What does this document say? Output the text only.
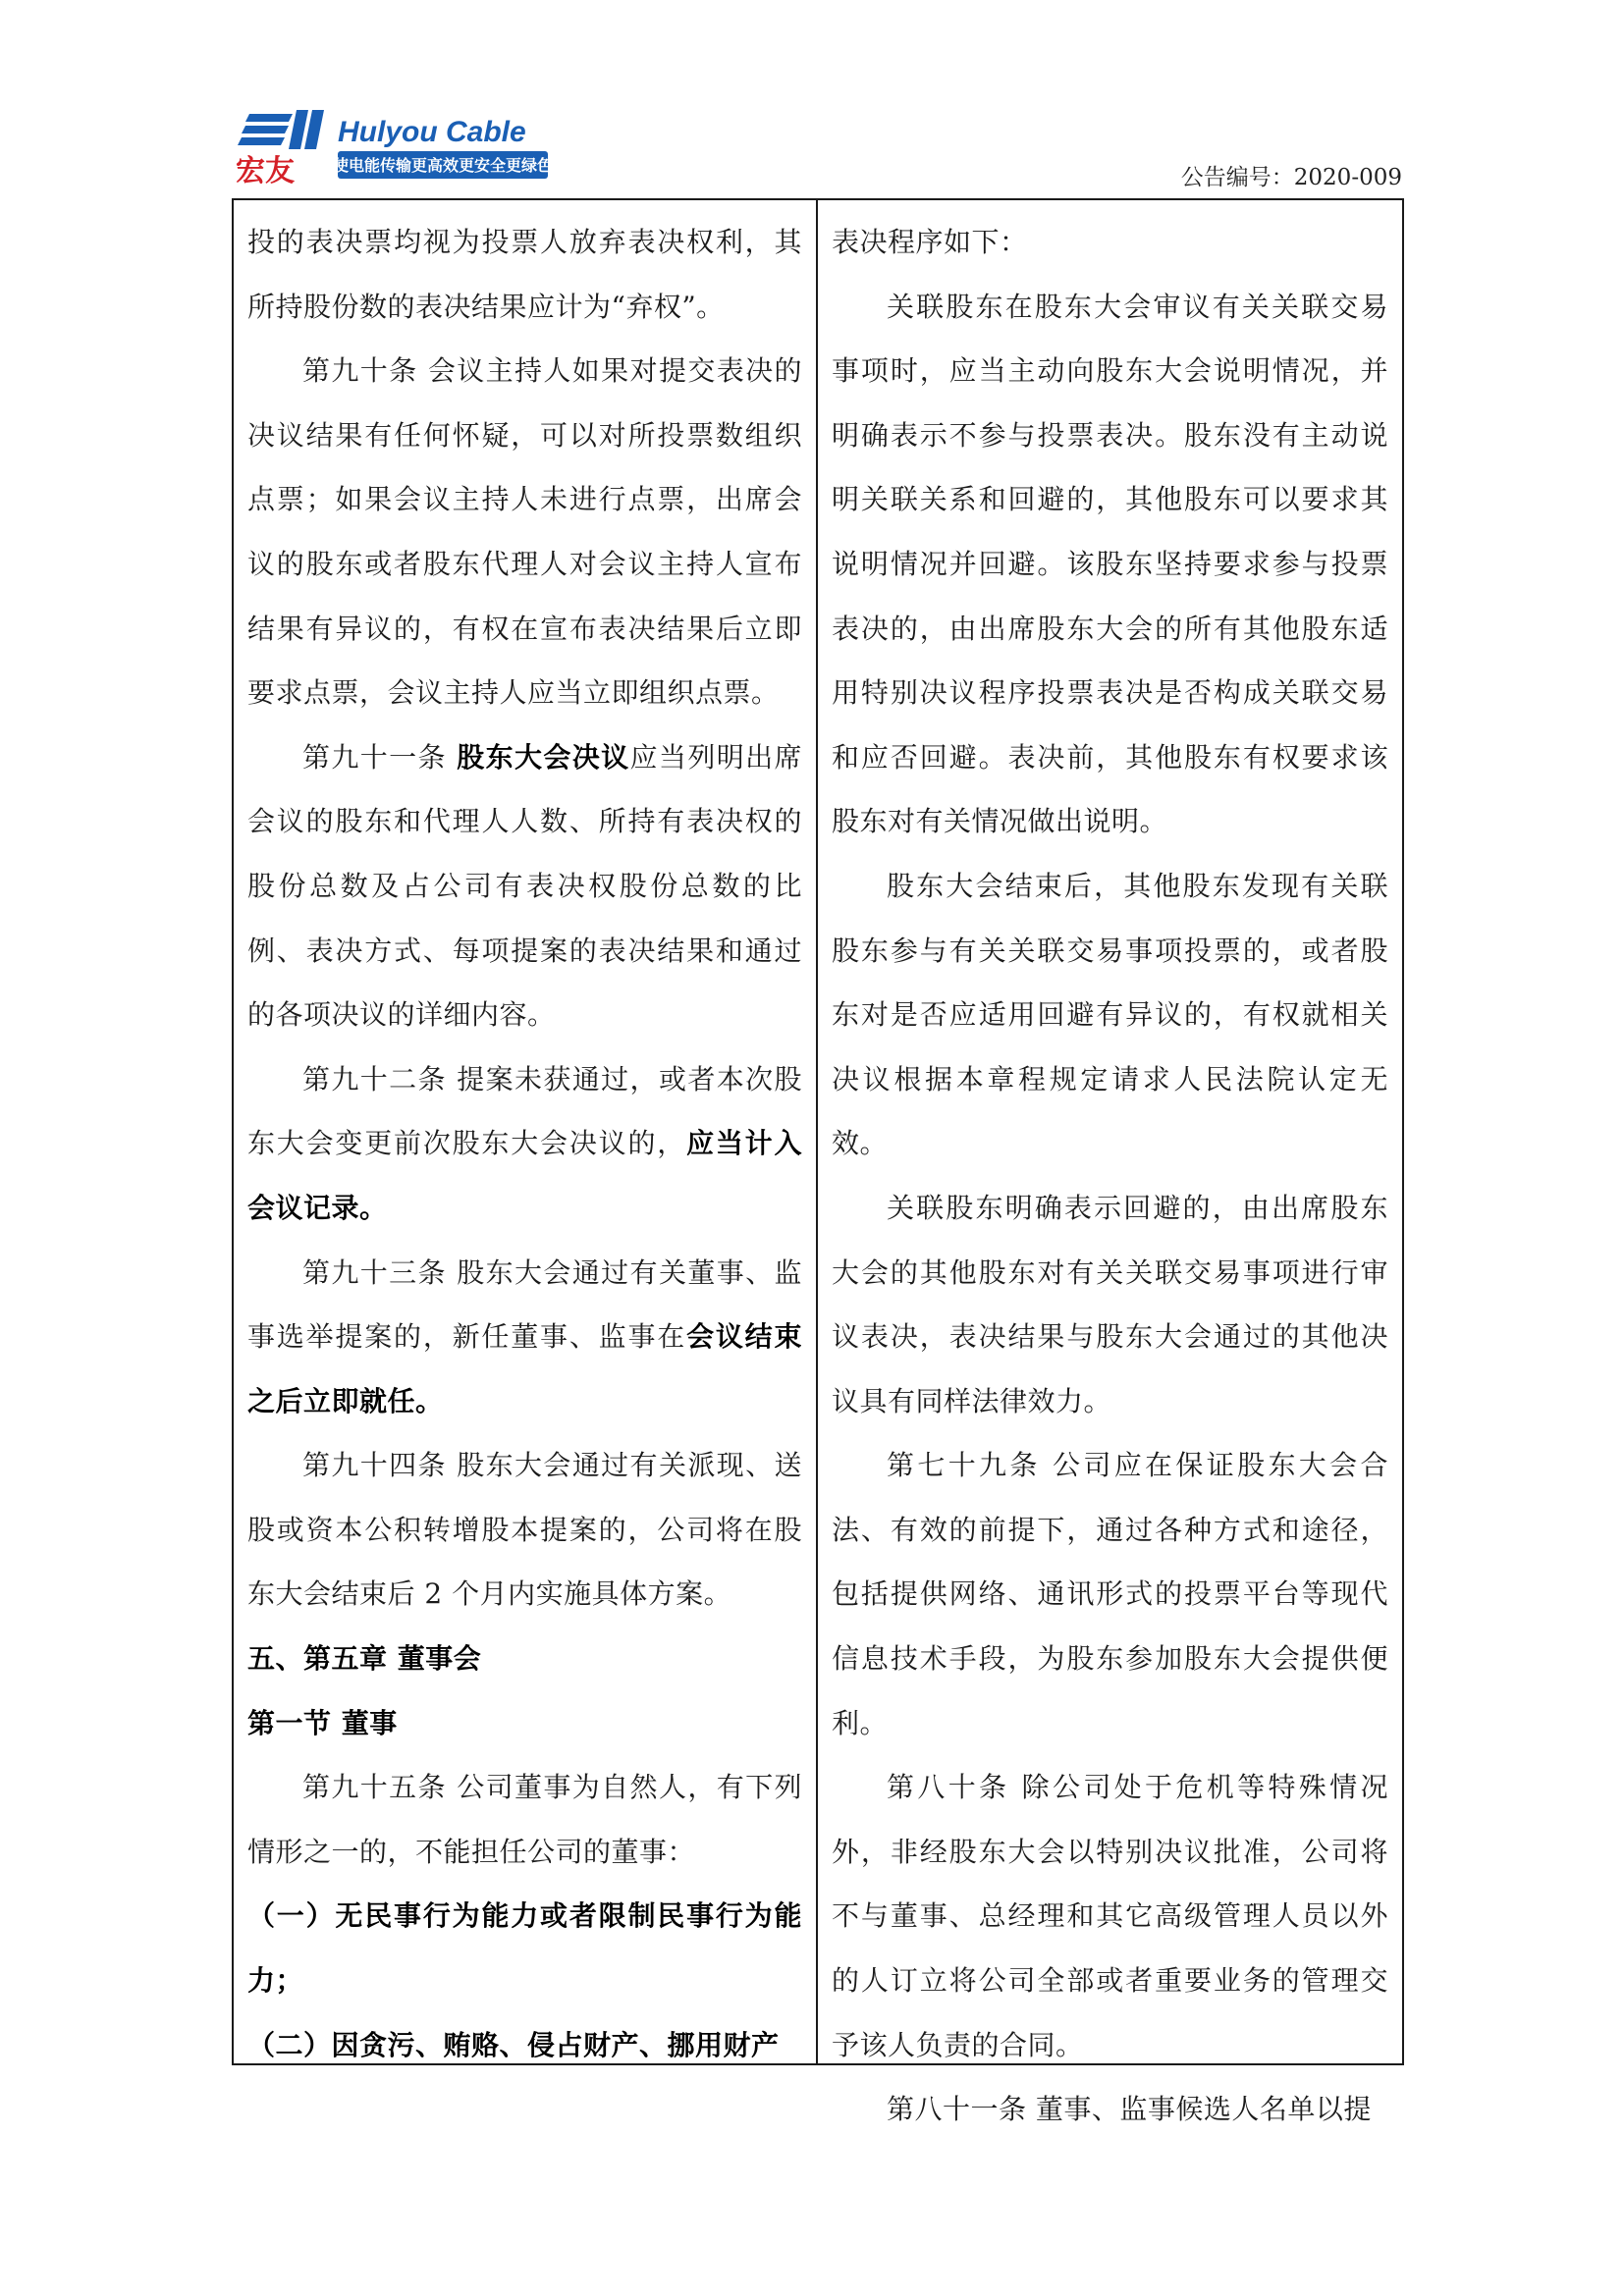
宏友
Hulyou Cable
使电能传输更高效更安全更绿色	公告编号：2020-009

投的表决票均视为投票人放弃表决权利，其所持股份数的表决结果应计为“弃权”。

第九十条 会议主持人如果对提交表决的决议结果有任何怀疑，可以对所投票数组织点票；如果会议主持人未进行点票，出席会议的股东或者股东代理人对会议主持人宣布结果有异议的，有权在宣布表决结果后立即要求点票，会议主持人应当立即组织点票。

第九十一条 股东大会决议应当列明出席会议的股东和代理人人数、所持有表决权的股份总数及占公司有表决权股份总数的比例、表决方式、每项提案的表决结果和通过的各项决议的详细内容。

第九十二条 提案未获通过，或者本次股东大会变更前次股东大会决议的，应当计入会议记录。

第九十三条 股东大会通过有关董事、监事选举提案的，新任董事、监事在会议结束之后立即就任。

第九十四条 股东大会通过有关派现、送股或资本公积转增股本提案的，公司将在股东大会结束后 2 个月内实施具体方案。

五、第五章 董事会

第一节 董事

第九十五条 公司董事为自然人，有下列情形之一的，不能担任公司的董事：

（一）无民事行为能力或者限制民事行为能力；

（二）因贪污、贿赂、侵占财产、挪用财产

表决程序如下：

关联股东在股东大会审议有关关联交易事项时，应当主动向股东大会说明情况，并明确表示不参与投票表决。股东没有主动说明关联关系和回避的，其他股东可以要求其说明情况并回避。该股东坚持要求参与投票表决的，由出席股东大会的所有其他股东适用特别决议程序投票表决是否构成关联交易和应否回避。表决前，其他股东有权要求该股东对有关情况做出说明。

股东大会结束后，其他股东发现有关联股东参与有关关联交易事项投票的，或者股东对是否应适用回避有异议的，有权就相关决议根据本章程规定请求人民法院认定无效。

关联股东明确表示回避的，由出席股东大会的其他股东对有关关联交易事项进行审议表决，表决结果与股东大会通过的其他决议具有同样法律效力。

第七十九条 公司应在保证股东大会合法、有效的前提下，通过各种方式和途径，包括提供网络、通讯形式的投票平台等现代信息技术手段，为股东参加股东大会提供便利。

第八十条 除公司处于危机等特殊情况外，非经股东大会以特别决议批准，公司将不与董事、总经理和其它高级管理人员以外的人订立将公司全部或者重要业务的管理交予该人负责的合同。

第八十一条 董事、监事候选人名单以提
